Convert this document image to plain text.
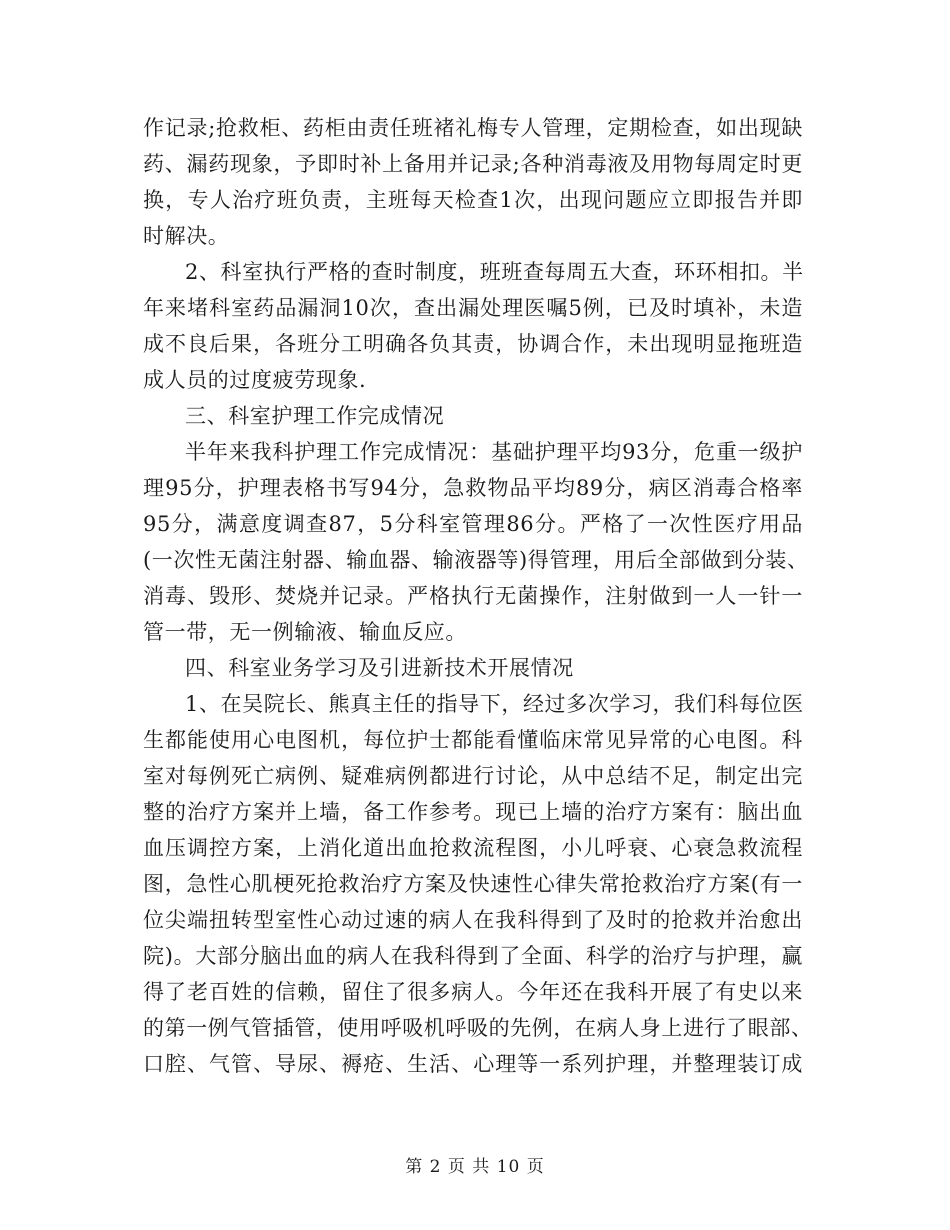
作记录;抢救柜、药柜由责任班褚礼梅专人管理，定期检查，如出现缺
药、漏药现象，予即时补上备用并记录;各种消毒液及用物每周定时更
换，专人治疗班负责，主班每天检查1次，出现问题应立即报告并即
时解决。
2、科室执行严格的查时制度，班班查每周五大查，环环相扣。半
年来堵科室药品漏洞10次，查出漏处理医嘱5例，已及时填补，未造
成不良后果，各班分工明确各负其责，协调合作，未出现明显拖班造
成人员的过度疲劳现象.
三、科室护理工作完成情况
半年来我科护理工作完成情况：基础护理平均93分，危重一级护
理95分，护理表格书写94分，急救物品平均89分，病区消毒合格率
95分，满意度调查87，5分科室管理86分。严格了一次性医疗用品
(一次性无菌注射器、输血器、输液器等)得管理，用后全部做到分装、
消毒、毁形、焚烧并记录。严格执行无菌操作，注射做到一人一针一
管一带，无一例输液、输血反应。
四、科室业务学习及引进新技术开展情况
1、在吴院长、熊真主任的指导下，经过多次学习，我们科每位医
生都能使用心电图机，每位护士都能看懂临床常见异常的心电图。科
室对每例死亡病例、疑难病例都进行讨论，从中总结不足，制定出完
整的治疗方案并上墙，备工作参考。现已上墙的治疗方案有：脑出血
血压调控方案，上消化道出血抢救流程图，小儿呼衰、心衰急救流程
图，急性心肌梗死抢救治疗方案及快速性心律失常抢救治疗方案(有一
位尖端扭转型室性心动过速的病人在我科得到了及时的抢救并治愈出
院)。大部分脑出血的病人在我科得到了全面、科学的治疗与护理，赢
得了老百姓的信赖，留住了很多病人。今年还在我科开展了有史以来
的第一例气管插管，使用呼吸机呼吸的先例，在病人身上进行了眼部、
口腔、气管、导尿、褥疮、生活、心理等一系列护理，并整理装订成
第 2 页 共 10 页
